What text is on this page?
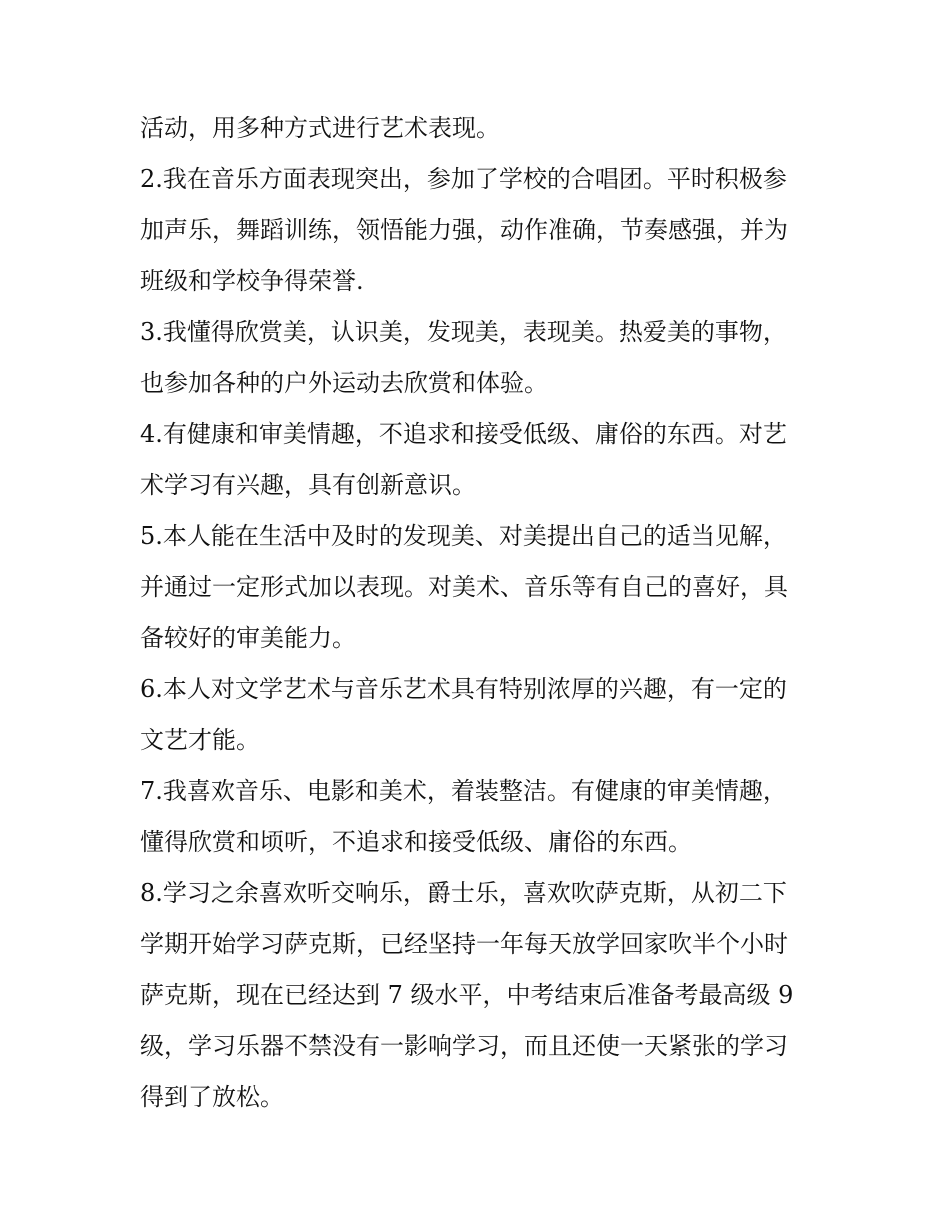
活动，用多种方式进行艺术表现。
2.我在音乐方面表现突出，参加了学校的合唱团。平时积极参
加声乐，舞蹈训练，领悟能力强，动作准确，节奏感强，并为
班级和学校争得荣誉.
3.我懂得欣赏美，认识美，发现美，表现美。热爱美的事物，
也参加各种的户外运动去欣赏和体验。
4.有健康和审美情趣，不追求和接受低级、庸俗的东西。对艺
术学习有兴趣，具有创新意识。
5.本人能在生活中及时的发现美、对美提出自己的适当见解，
并通过一定形式加以表现。对美术、音乐等有自己的喜好，具
备较好的审美能力。
6.本人对文学艺术与音乐艺术具有特别浓厚的兴趣，有一定的
文艺才能。
7.我喜欢音乐、电影和美术，着装整洁。有健康的审美情趣，
懂得欣赏和顷听，不追求和接受低级、庸俗的东西。
8.学习之余喜欢听交响乐，爵士乐，喜欢吹萨克斯，从初二下
学期开始学习萨克斯，已经坚持一年每天放学回家吹半个小时
萨克斯，现在已经达到 7 级水平，中考结束后准备考最高级 9
级，学习乐器不禁没有一影响学习，而且还使一天紧张的学习
得到了放松。
